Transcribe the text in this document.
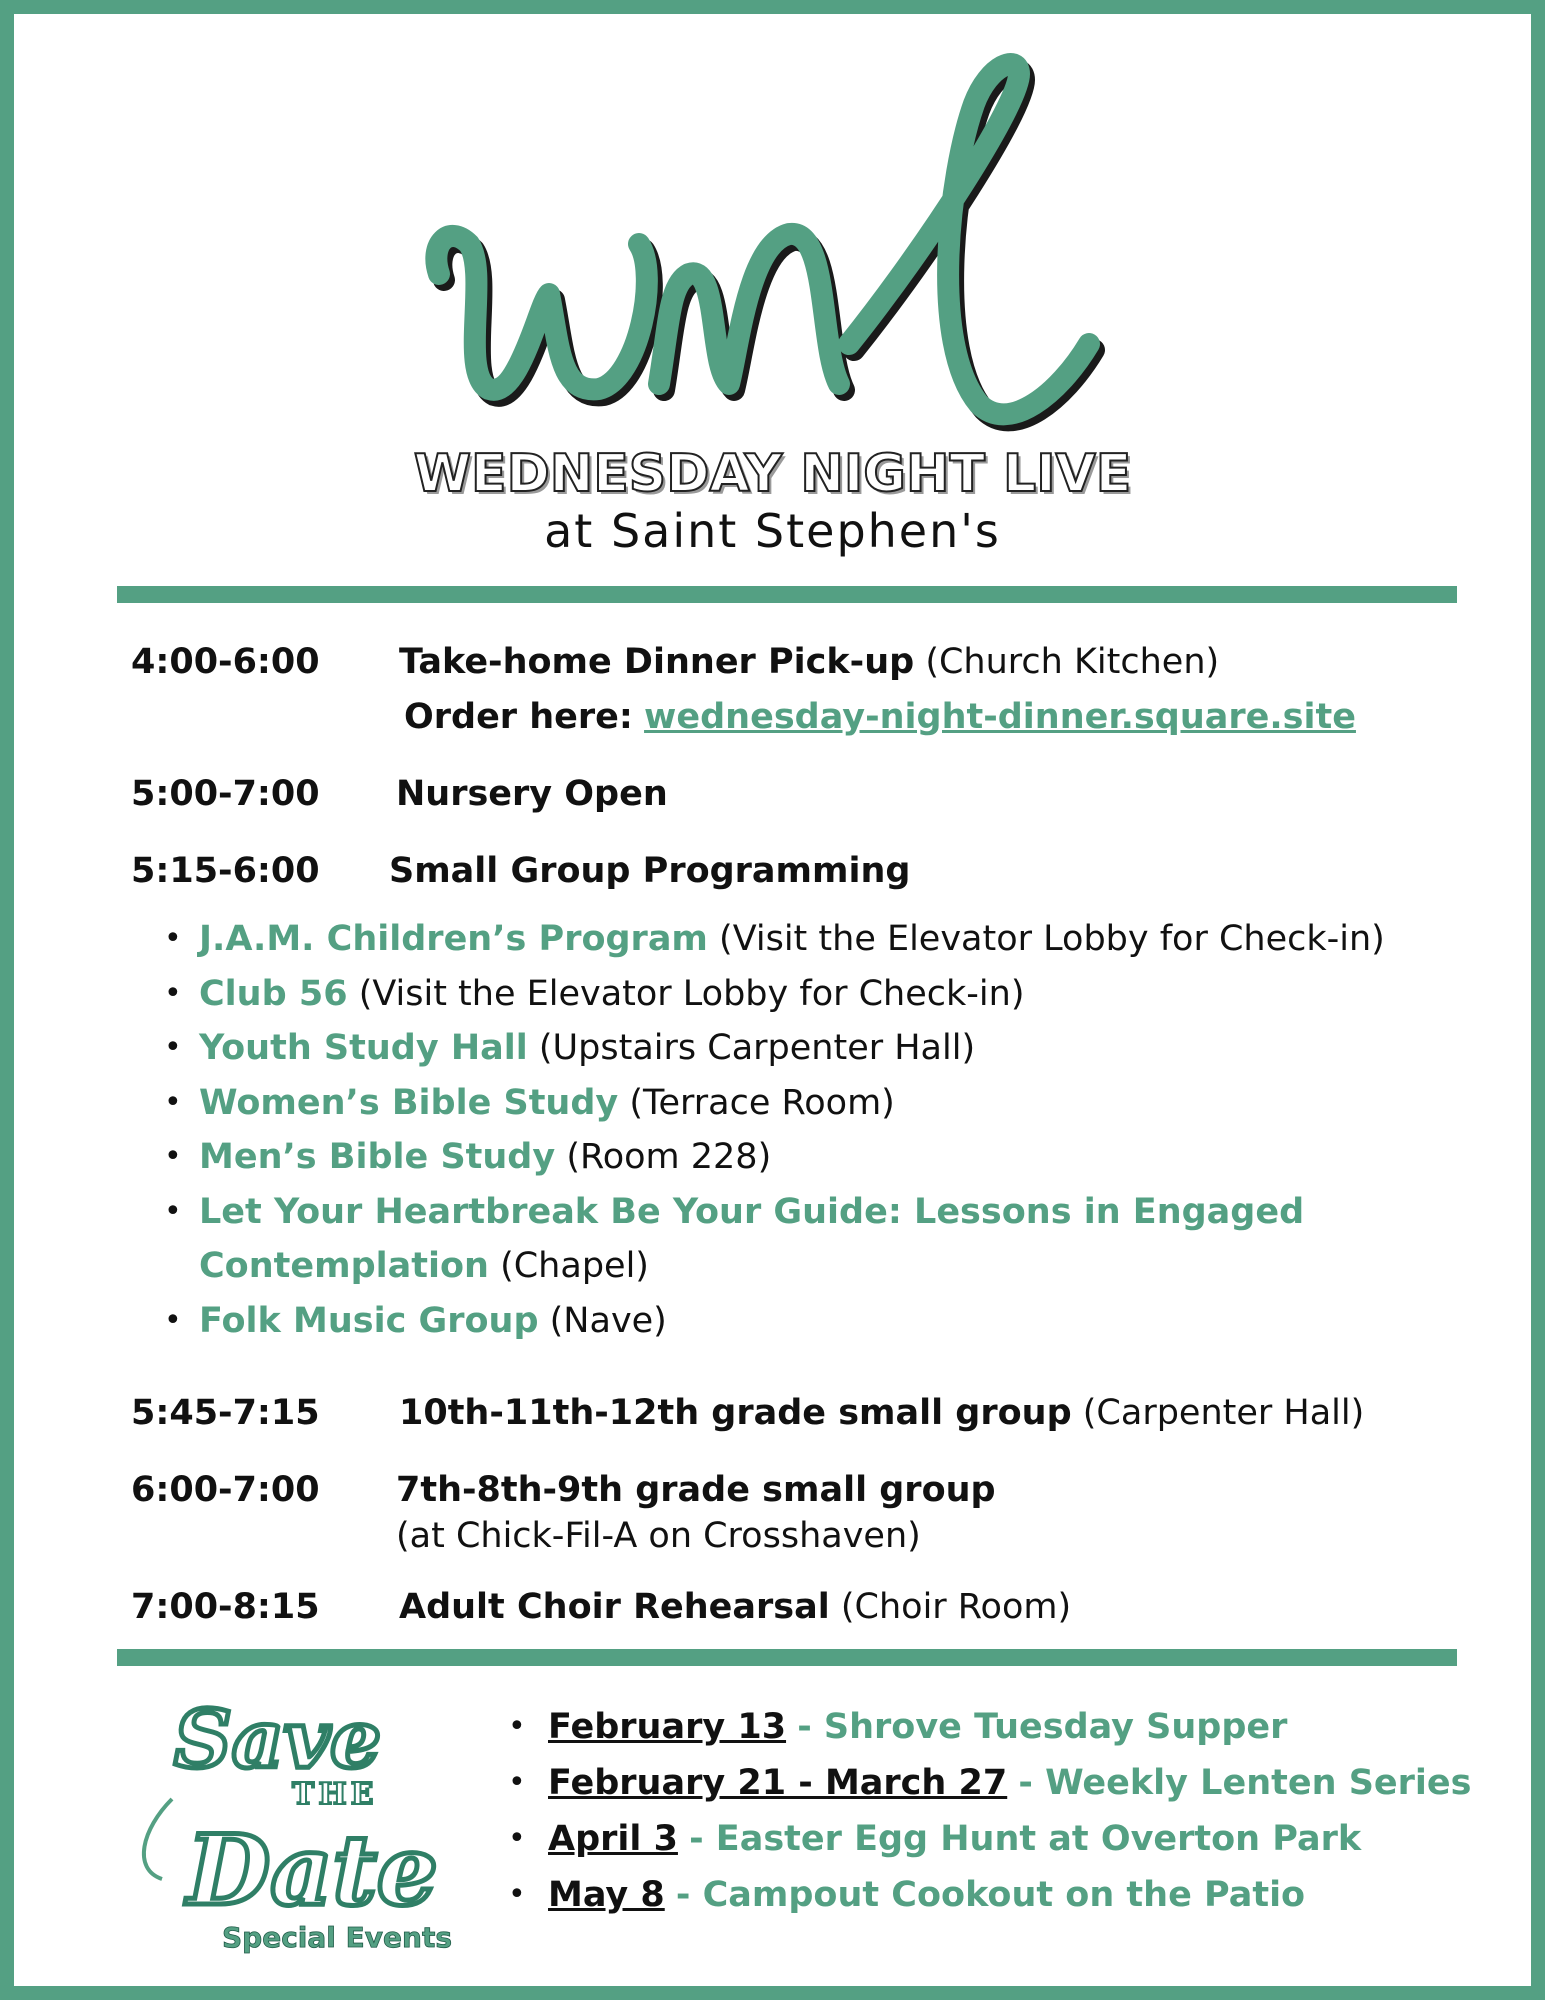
wnl
WEDNESDAY NIGHT LIVE
at Saint Stephen's
4:00-6:00 Take-home Dinner Pick-up (Church Kitchen)
Order here: wednesday-night-dinner.square.site
5:00-7:00 Nursery Open
5:15-6:00 Small Group Programming
• J.A.M. Children’s Program (Visit the Elevator Lobby for Check-in)
• Club 56 (Visit the Elevator Lobby for Check-in)
• Youth Study Hall (Upstairs Carpenter Hall)
• Women’s Bible Study (Terrace Room)
• Men’s Bible Study (Room 228)
• Let Your Heartbreak Be Your Guide: Lessons in Engaged
Contemplation (Chapel)
• Folk Music Group (Nave)
5:45-7:15 10th-11th-12th grade small group (Carpenter Hall)
6:00-7:00 7th-8th-9th grade small group
(at Chick-Fil-A on Crosshaven)
7:00-8:15 Adult Choir Rehearsal (Choir Room)
Save
THE
Date
Special Events
• February 13 - Shrove Tuesday Supper
• February 21 - March 27 - Weekly Lenten Series
• April 3 - Easter Egg Hunt at Overton Park
• May 8 - Campout Cookout on the Patio
